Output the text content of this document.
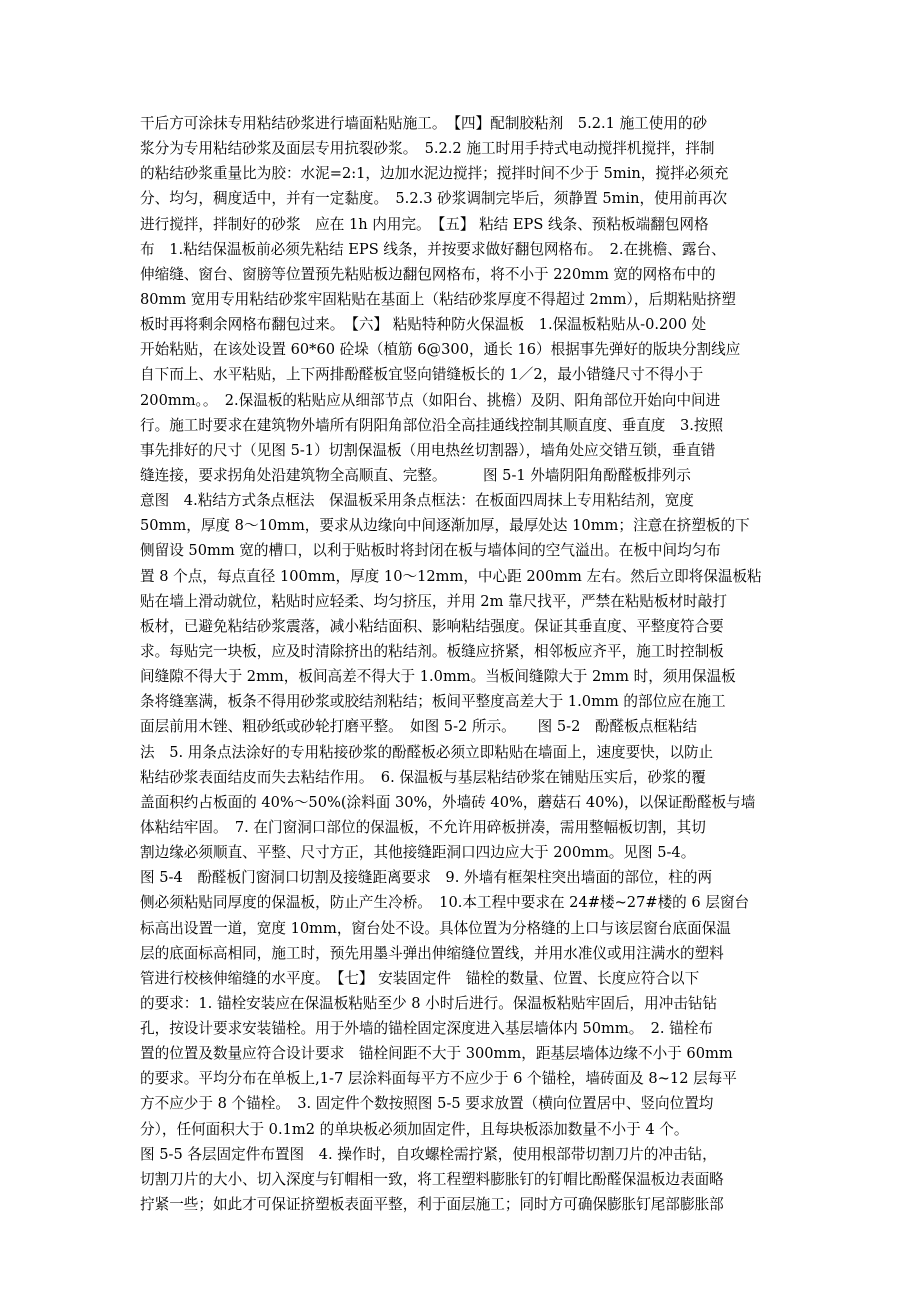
干后方可涂抹专用粘结砂浆进行墙面粘贴施工。　【四】配制胶粘剂　5.2.1 施工使用的砂
浆分为专用粘结砂浆及面层专用抗裂砂浆。　5.2.2 施工时用手持式电动搅拌机搅拌，拌制
的粘结砂浆重量比为胶：水泥=2:1，边加水泥边搅拌；搅拌时间不少于 5min，搅拌必须充
分、均匀，稠度适中，并有一定黏度。　5.2.3 砂浆调制完毕后，须静置 5min，使用前再次
进行搅拌，拌制好的砂浆　应在 1h 内用完。　【五】 粘结 EPS 线条、预粘板端翻包网格
布　1.粘结保温板前必须先粘结 EPS 线条，并按要求做好翻包网格布。　2.在挑檐、露台、
伸缩缝、窗台、窗膀等位置预先粘贴板边翻包网格布，将不小于 220mm 宽的网格布中的
80mm 宽用专用粘结砂浆牢固粘贴在基面上（粘结砂浆厚度不得超过 2mm），后期粘贴挤塑
板时再将剩余网格布翻包过来。　【六】 粘贴特种防火保温板　1.保温板粘贴从-0.200 处
开始粘贴，在该处设置 60*60 砼垛（植筋 6@300，通长 16）根据事先弹好的版块分割线应
自下而上、水平粘贴，上下两排酚醛板宜竖向错缝板长的 1／2，最小错缝尺寸不得小于
200mm。。　2.保温板的粘贴应从细部节点（如阳台、挑檐）及阴、阳角部位开始向中间进
行。施工时要求在建筑物外墙所有阴阳角部位沿全高挂通线控制其顺直度、垂直度　3.按照
事先排好的尺寸（见图 5-1）切割保温板（用电热丝切割器），墙角处应交错互锁，垂直错
缝连接，要求拐角处沿建筑物全高顺直、完整。　　　图 5-1 外墙阴阳角酚醛板排列示
意图　4.粘结方式条点框法　保温板采用条点框法：在板面四周抹上专用粘结剂，宽度
50mm，厚度 8～10mm，要求从边缘向中间逐渐加厚，最厚处达 10mm；注意在挤塑板的下
侧留设 50mm 宽的槽口，以利于贴板时将封闭在板与墙体间的空气溢出。在板中间均匀布
置 8 个点，每点直径 100mm，厚度 10～12mm，中心距 200mm 左右。然后立即将保温板粘
贴在墙上滑动就位，粘贴时应轻柔、均匀挤压，并用 2m 靠尺找平，严禁在粘贴板材时敲打
板材，已避免粘结砂浆震落，减小粘结面积、影响粘结强度。保证其垂直度、平整度符合要
求。每贴完一块板，应及时清除挤出的粘结剂。板缝应挤紧，相邻板应齐平，施工时控制板
间缝隙不得大于 2mm，板间高差不得大于 1.0mm。当板间缝隙大于 2mm 时，须用保温板
条将缝塞满，板条不得用砂浆或胶结剂粘结；板间平整度高差大于 1.0mm 的部位应在施工
面层前用木锉、粗砂纸或砂轮打磨平整。　如图 5-2 所示。　　图 5-2　酚醛板点框粘结
法　5. 用条点法涂好的专用粘接砂浆的酚醛板必须立即粘贴在墙面上，速度要快，以防止
粘结砂浆表面结皮而失去粘结作用。　6. 保温板与基层粘结砂浆在铺贴压实后，砂浆的覆
盖面积约占板面的 40%～50%(涂料面 30%，外墙砖 40%，蘑菇石 40%)，以保证酚醛板与墙
体粘结牢固。　7. 在门窗洞口部位的保温板，不允许用碎板拼凑，需用整幅板切割，其切
割边缘必须顺直、平整、尺寸方正，其他接缝距洞口四边应大于 200mm。见图 5-4。
图 5-4　酚醛板门窗洞口切割及接缝距离要求　9. 外墙有框架柱突出墙面的部位，柱的两
侧必须粘贴同厚度的保温板，防止产生冷桥。　10.本工程中要求在 24#楼~27#楼的 6 层窗台
标高出设置一道，宽度 10mm，窗台处不设。具体位置为分格缝的上口与该层窗台底面保温
层的底面标高相同，施工时，预先用墨斗弹出伸缩缝位置线，并用水准仪或用注满水的塑料
管进行校核伸缩缝的水平度。　【七】 安装固定件　锚栓的数量、位置、长度应符合以下
的要求：1. 锚栓安装应在保温板粘贴至少 8 小时后进行。保温板粘贴牢固后，用冲击钻钻
孔，按设计要求安装锚栓。用于外墙的锚栓固定深度进入基层墙体内 50mm。　2. 锚栓布
置的位置及数量应符合设计要求　锚栓间距不大于 300mm，距基层墙体边缘不小于 60mm
的要求。平均分布在单板上,1-7 层涂料面每平方不应少于 6 个锚栓，墙砖面及 8~12 层每平
方不应少于 8 个锚栓。　3. 固定件个数按照图 5-5 要求放置（横向位置居中、竖向位置均
分），任何面积大于 0.1m2 的单块板必须加固定件，且每块板添加数量不小于 4 个。
图 5-5 各层固定件布置图　4. 操作时，自攻螺栓需拧紧，使用根部带切割刀片的冲击钻，
切割刀片的大小、切入深度与钉帽相一致，将工程塑料膨胀钉的钉帽比酚醛保温板边表面略
拧紧一些；如此才可保证挤塑板表面平整，利于面层施工；同时方可确保膨胀钉尾部膨胀部
